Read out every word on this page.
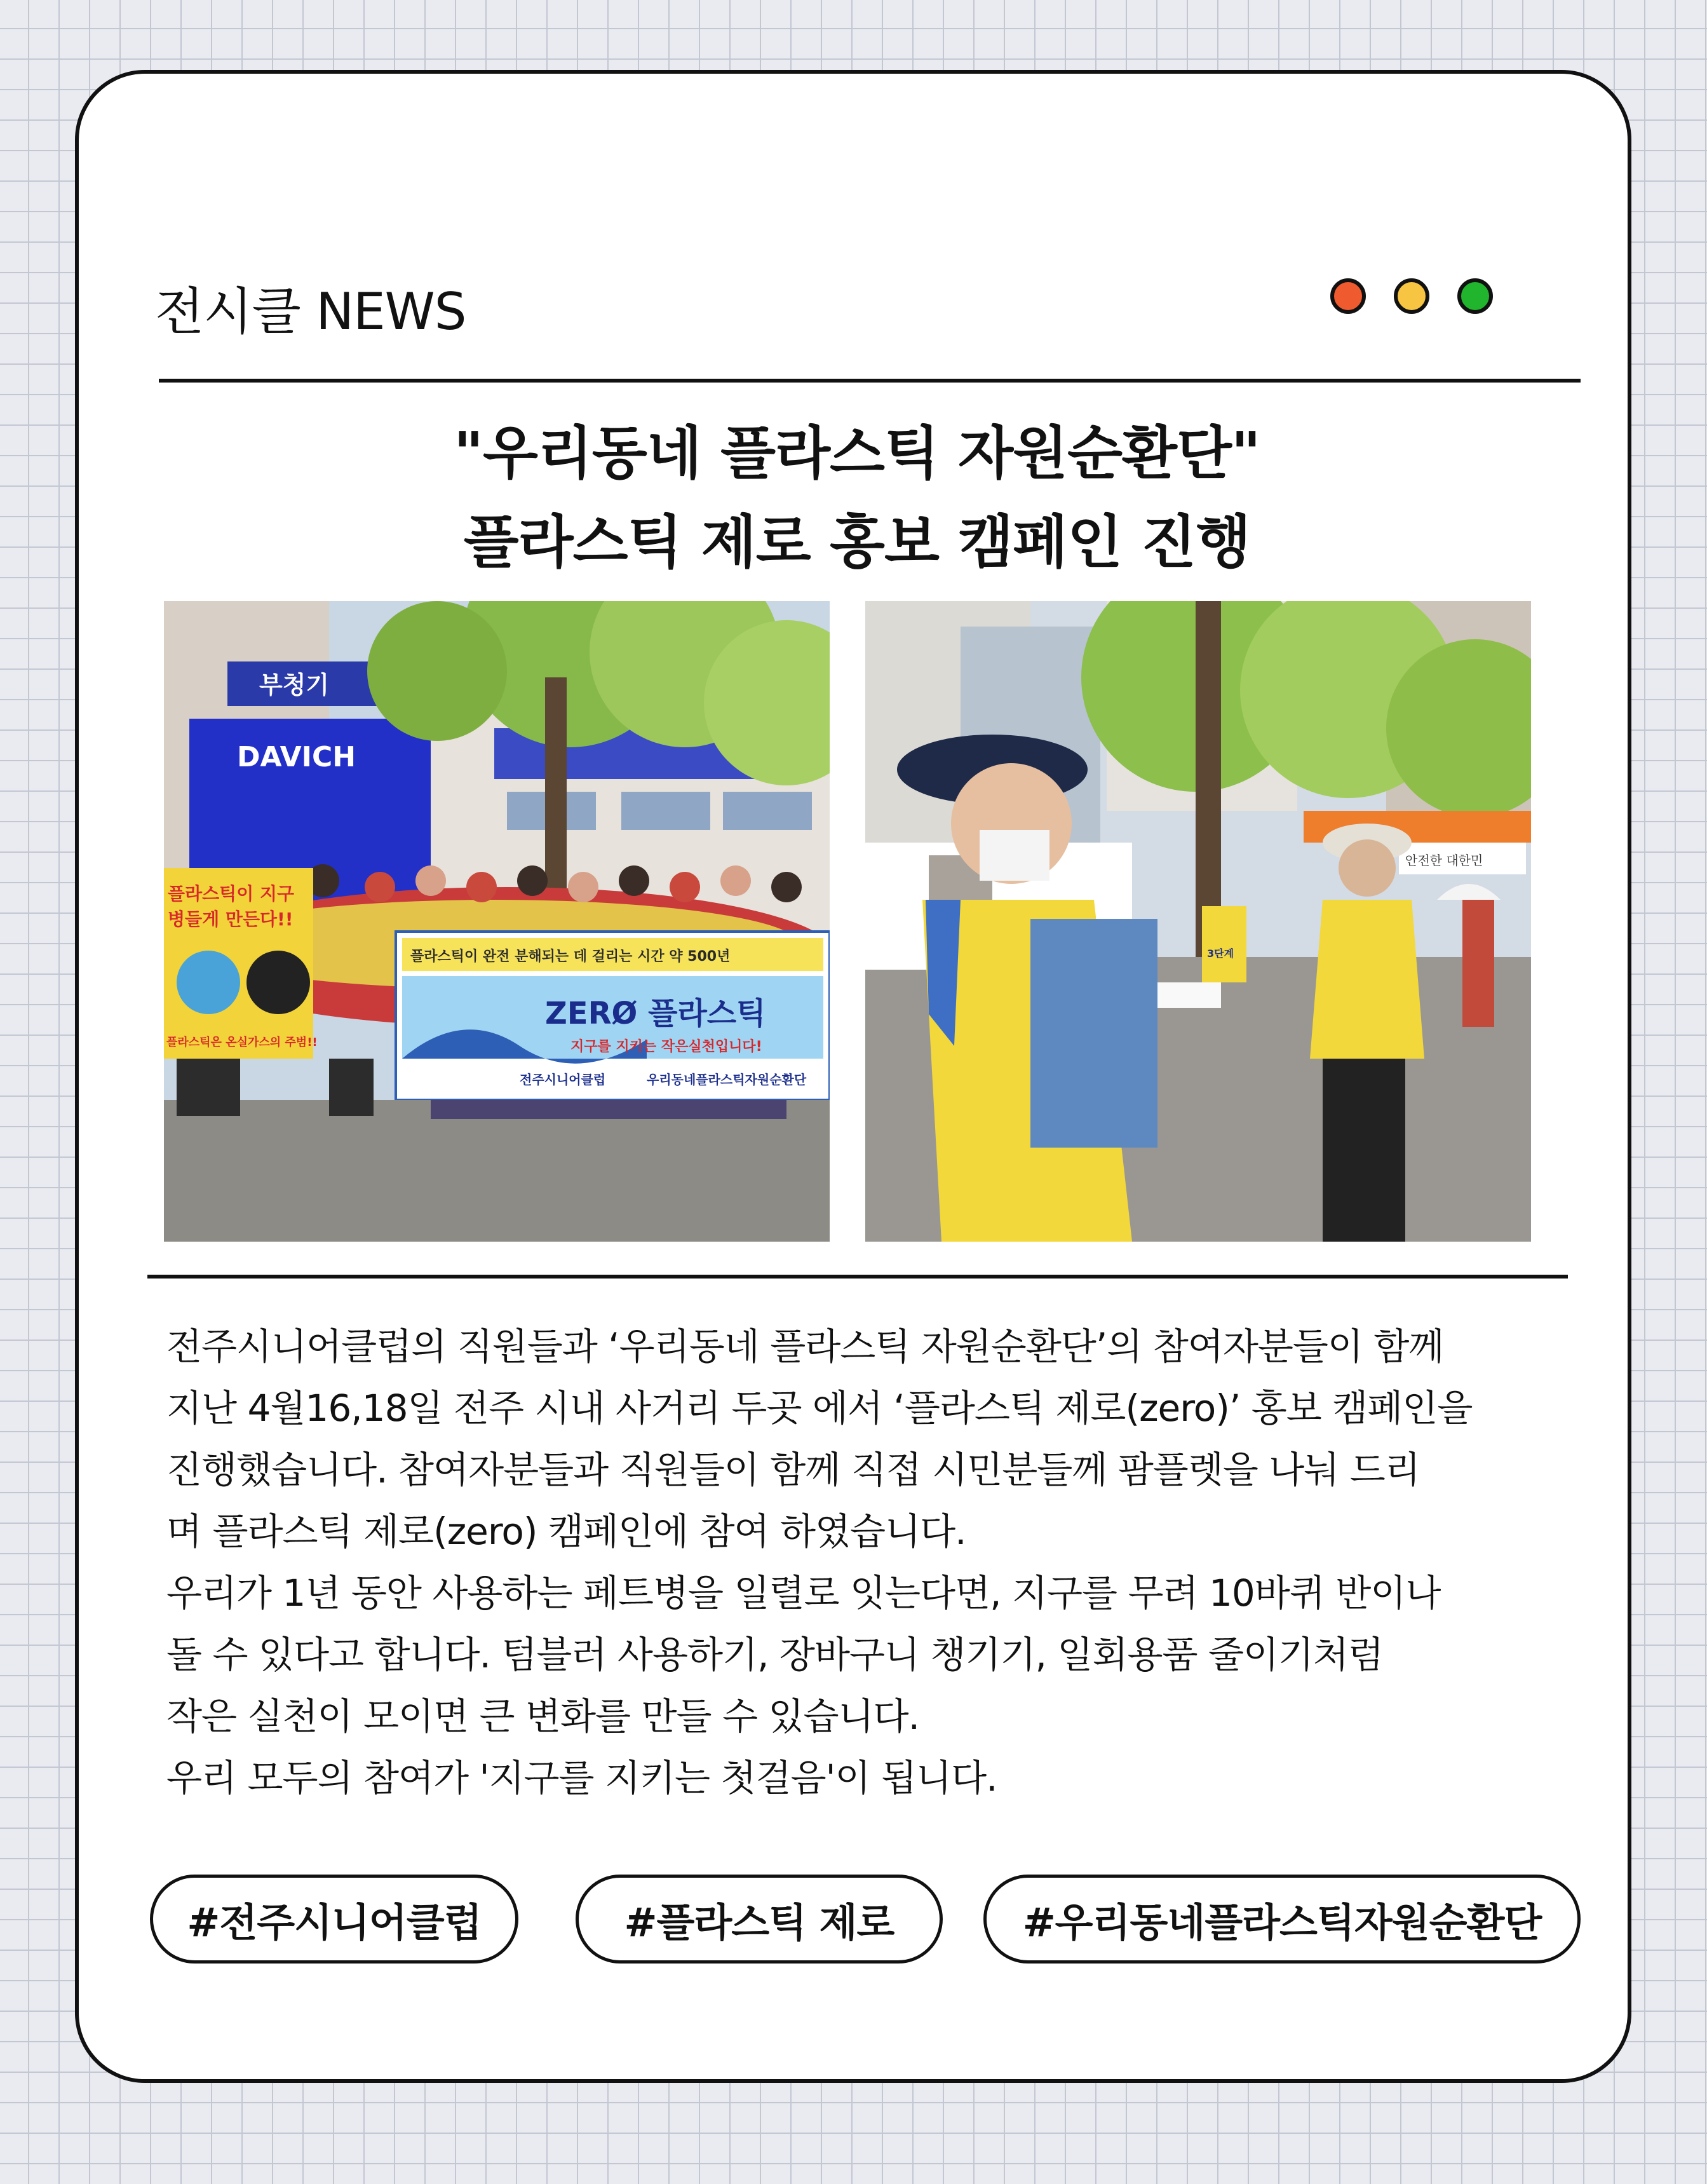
전시클 NEWS
"우리동네 플라스틱 자원순환단"
플라스틱 제로 홍보 캠페인 진행
부청기
DAVICH
플라스틱이 지구
병들게 만든다!!
플라스틱은 온실가스의 주범!!
플라스틱이 완전 분해되는 데 걸리는 시간 약 500년
ZERØ 플라스틱
지구를 지키는 작은실천입니다!
전주시니어클럽	우리동네플라스틱자원순환단
안전한 대한민
3단계

전주시니어클럽의 직원들과 ‘우리동네 플라스틱 자원순환단’의 참여자분들이 함께

지난 4월16,18일 전주 시내 사거리 두곳 에서 ‘플라스틱 제로(zero)’ 홍보 캠페인을

진행했습니다. 참여자분들과 직원들이 함께 직접 시민분들께 팜플렛을 나눠 드리

며 플라스틱 제로(zero) 캠페인에 참여 하였습니다.

우리가 1년 동안 사용하는 페트병을 일렬로 잇는다면, 지구를 무려 10바퀴 반이나

돌 수 있다고 합니다. 텀블러 사용하기, 장바구니 챙기기, 일회용품 줄이기처럼

작은 실천이 모이면 큰 변화를 만들 수 있습니다.

우리 모두의 참여가 '지구를 지키는 첫걸음'이 됩니다.

#전주시니어클럽	#플라스틱 제로	#우리동네플라스틱자원순환단
